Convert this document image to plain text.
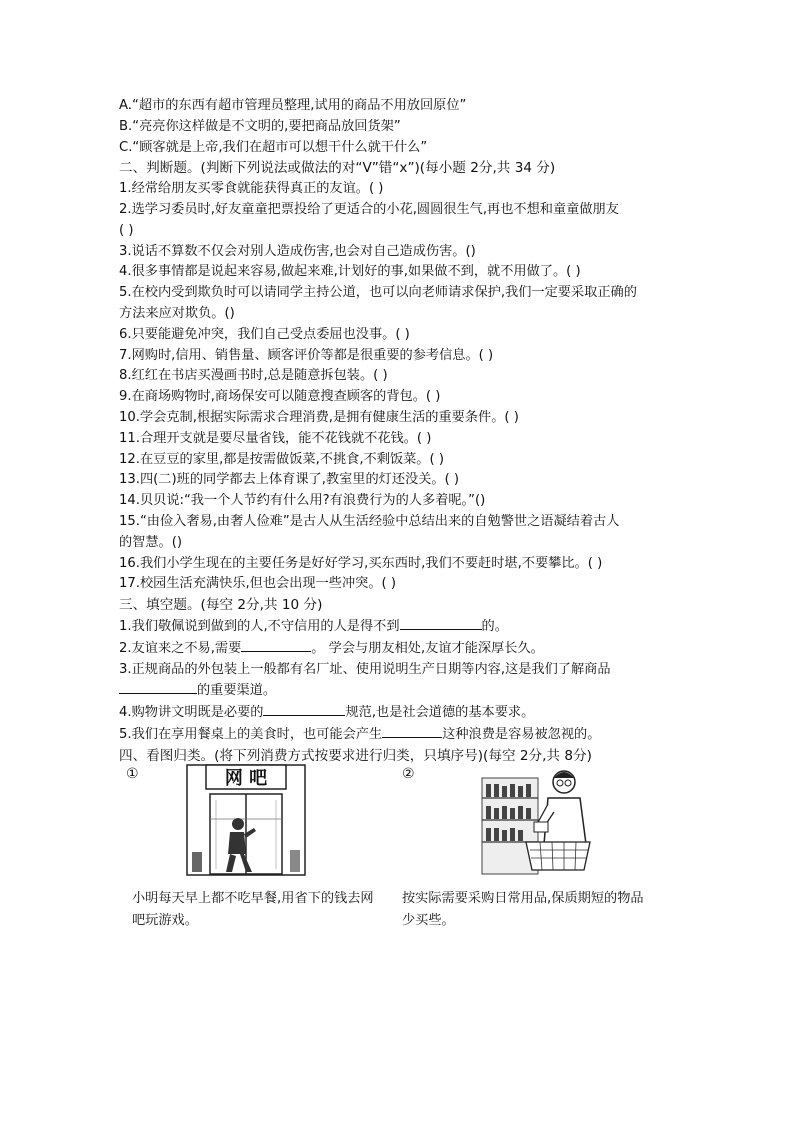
A.“超市的东西有超市管理员整理,试用的商品不用放回原位”
B.“亮亮你这样做是不文明的,要把商品放回货架”
C.“顾客就是上帝,我们在超市可以想干什么就干什么”
二、判断题。(判断下列说法或做法的对“V”错“x”)(每小题 2分,共 34 分)
1.经常给朋友买零食就能获得真正的友谊。( )
2.选学习委员时,好友童童把票投给了更适合的小花,圆圆很生气,再也不想和童童做朋友
( )
3.说话不算数不仅会对别人造成伤害,也会对自己造成伤害。()
4.很多事情都是说起来容易,做起来难,计划好的事,如果做不到，就不用做了。( )
5.在校内受到欺负时可以请同学主持公道，也可以向老师请求保护,我们一定要采取正确的
方法来应对欺负。()
6.只要能避免冲突，我们自己受点委屈也没事。( )
7.网购时,信用、销售量、顾客评价等都是很重要的参考信息。( )
8.红红在书店买漫画书时,总是随意拆包装。( )
9.在商场购物时,商场保安可以随意搜查顾客的背包。( )
10.学会克制,根据实际需求合理消费,是拥有健康生活的重要条件。( )
11.合理开支就是要尽量省钱，能不花钱就不花钱。( )
12.在豆豆的家里,都是按需做饭菜,不挑食,不剩饭菜。( )
13.四(二)班的同学都去上体育课了,教室里的灯还没关。( )
14.贝贝说:“我一个人节约有什么用?有浪费行为的人多着呢。”()
15.“由俭入奢易,由奢人俭难”是古人从生活经验中总结出来的自勉警世之语凝结着古人
的智慧。()
16.我们小学生现在的主要任务是好好学习,买东西时,我们不要赶时堪,不要攀比。( )
17.校园生活充满快乐,但也会出现一些冲突。( )
三、填空题。(每空 2分,共 10 分)
1.我们敬佩说到做到的人,不守信用的人是得不到	的。
2.友谊来之不易,需要	。 学会与朋友相处,友谊才能深厚长久。
3.正规商品的外包装上一般都有名厂址、使用说明生产日期等内容,这是我们了解商品
的重要渠道。
4.购物讲文明既是必要的	规范,也是社会道德的基本要求。
5.我们在享用餐桌上的美食时，也可能会产生	这种浪费是容易被忽视的。
四、看图归类。(将下列消费方式按要求进行归类，只填序号)(每空 2分,共 8分)
①	网 吧
小明每天早上都不吃早餐,用省下的钱去网吧玩游戏。
②
按实际需要采购日常用品,保质期短的物品少买些。
